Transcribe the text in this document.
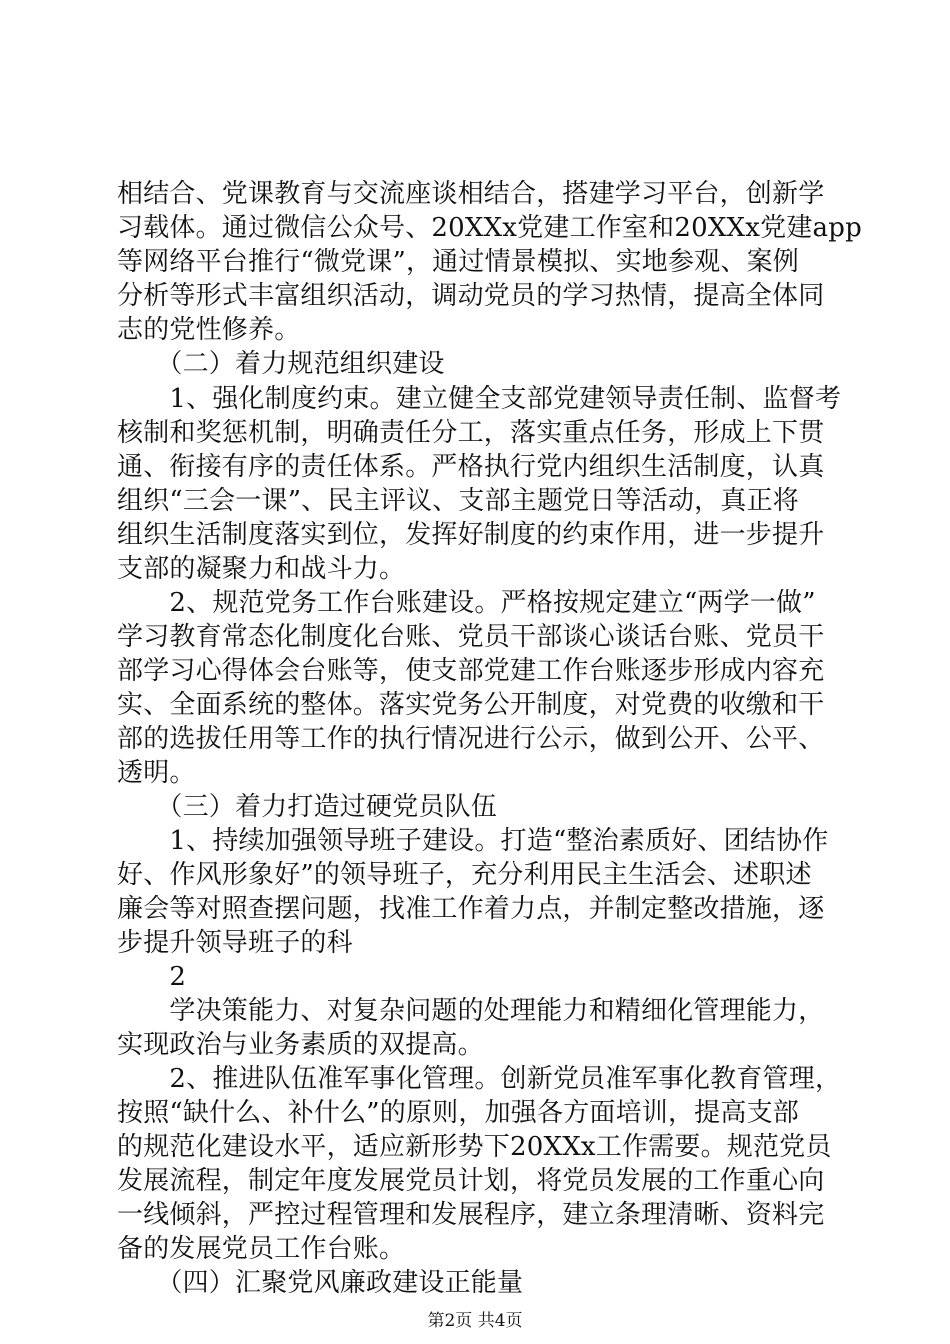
相结合、党课教育与交流座谈相结合，搭建学习平台，创新学
习载体。通过微信公众号、20XXx党建工作室和20XXx党建app
等网络平台推行“微党课”，通过情景模拟、实地参观、案例
分析等形式丰富组织活动，调动党员的学习热情，提高全体同
志的党性修养。
　　（二）着力规范组织建设
　　1、强化制度约束。建立健全支部党建领导责任制、监督考
核制和奖惩机制，明确责任分工，落实重点任务，形成上下贯
通、衔接有序的责任体系。严格执行党内组织生活制度，认真
组织“三会一课”、民主评议、支部主题党日等活动，真正将
组织生活制度落实到位，发挥好制度的约束作用，进一步提升
支部的凝聚力和战斗力。
　　2、规范党务工作台账建设。严格按规定建立“两学一做”
学习教育常态化制度化台账、党员干部谈心谈话台账、党员干
部学习心得体会台账等，使支部党建工作台账逐步形成内容充
实、全面系统的整体。落实党务公开制度，对党费的收缴和干
部的选拔任用等工作的执行情况进行公示，做到公开、公平、
透明。
　　（三）着力打造过硬党员队伍
　　1、持续加强领导班子建设。打造“整治素质好、团结协作
好、作风形象好”的领导班子，充分利用民主生活会、述职述
廉会等对照查摆问题，找准工作着力点，并制定整改措施，逐
步提升领导班子的科
　　2
　　学决策能力、对复杂问题的处理能力和精细化管理能力，
实现政治与业务素质的双提高。
　　2、推进队伍准军事化管理。创新党员准军事化教育管理，
按照“缺什么、补什么”的原则，加强各方面培训，提高支部
的规范化建设水平，适应新形势下20XXx工作需要。规范党员
发展流程，制定年度发展党员计划，将党员发展的工作重心向
一线倾斜，严控过程管理和发展程序，建立条理清晰、资料完
备的发展党员工作台账。
　　（四）汇聚党风廉政建设正能量
第2页 共4页
